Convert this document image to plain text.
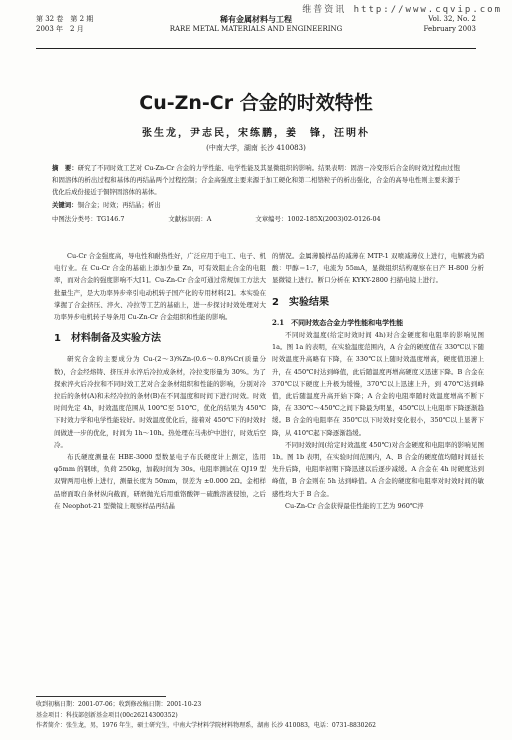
维普资讯 http://www.cqvip.com
第 32 卷　 第 2 期
2003 年　 2 月
稀有金属材料与工程
RARE METAL MATERIALS AND ENGINEERING
Vol. 32, No. 2
February 2003
Cu-Zn-Cr 合金的时效特性
张生龙，尹志民，宋练鹏，姜　锋，汪明朴
(中南大学，湖南 长沙 410083)
摘　要：研究了不同时效工艺对 Cu-Zn-Cr 合金的力学性能、电学性能及其显微组织的影响。结果表明：固溶－冷变形后合金的时效过程由过饱和固溶体的析出过程和基体的再结晶两个过程控制；合金高强度主要来源于加工硬化和第二相铬粒子的析出强化，合金的高导电性则主要来源于优化后成份接近于铜锌固溶体的基体。
关键词：铜合金；时效；再结晶；析出
中图法分类号：TG146.7	文献标识码：A	文章编号：1002-185X(2003)02-0126-04

Cu-Cr 合金强度高，导电性和耐热性好，广泛应用于电工、电子、机电行业。在 Cu-Cr 合金的基础上添加少量 Zn，可有效阻止合金的电阻率，而对合金的强度影响不大[1]。Cu-Zn-Cr 合金可通过常规加工方法大批量生产，是大功率异步牵引电动机转子国产化的专用材料[2]。本实验在掌握了合金挤压、淬火、冷拉等工艺的基础上，进一步探讨时效处理对大功率异步电机转子导条用 Cu-Zn-Cr 合金组织和性能的影响。

1　材料制备及实验方法

研究合金的主要成分为 Cu-(2～3)%Zn-(0.6～0.8)%Cr(质量分数)，合金经熔铸、挤压并水淬后冷拉成条材，冷拉变形量为 30%。为了探索淬火后冷拉和不同时效工艺对合金条材组织和性能的影响，分别对冷拉后的条材(A)和未经冷拉的条材(B)在不同温度和时间下进行时效。时效时间先定 4h，时效温度范围从 100℃至 510℃，优化的结果为 450℃下时效力学和电学性能较好。时效温度优化后，接着对 450℃下的时效时间做进一步的优化，时间为 1h～10h。热处理在马弗炉中进行，时效后空冷。

布氏硬度测量在 HBE-3000 型数显电子布氏硬度计上测定，选用 φ5mm 的钢球，负荷 250kg，加载时间为 30s。电阻率测试在 QJ19 型双臂两用电桥上进行，测量长度为 50mm，误差为 ±0.000 2Ω。金相样品磨面取自条材纵向截面，研磨抛光后用重铬酸钾－硫酸溶液侵蚀，之后在 Neophot-21 型微镜上观察样品再结晶

的情况。金属薄膜样品的减薄在 MTP-1 双喷减薄仪上进行，电解液为硝酸：甲醇＝1:7，电流为 55mA，显微组织结构观察在日产 H-800 分析显微镜上进行。断口分析在 KYKY-2800 扫描电镜上进行。

2　实验结果
2.1　不同时效态合金力学性能和电学性能

不同时效温度(给定时效时间 4h)对合金硬度和电阻率的影响见图 1a。图 1a 的表明，在实验温度范围内，A 合金的硬度值在 330℃以下随时效温度升高略有下降，在 330℃以上随时效温度增高，硬度值迅速上升，在 450℃时达到峰值，此后随温度再增高硬度又迅速下降。B 合金在 370℃以下硬度上升极为缓慢，370℃以上迅速上升，到 470℃达到峰值，此后随温度升高开始下降；A 合金的电阻率随时效温度增高不断下降，在 330℃～450℃之间下降最为明显，450℃以上电阻率下降逐渐趋缓。B 合金的电阻率在 350℃以下时效时变化很小，350℃以上显著下降，从 410℃起下降逐渐趋缓。

不同时效时间(给定时效温度 450℃)对合金硬度和电阻率的影响见图 1b。图 1b 表明，在实验时间范围内，A、B 合金的硬度值均随时间延长先升后降，电阻率初期下降迅速以后逐步减缓。A 合金在 4h 时硬度达到峰值，B 合金则在 5h 达到峰值。A 合金的硬度和电阻率对时效时间的敏感性均大于 B 合金。

Cu-Zn-Cr 合金获得最佳性能的工艺为 960℃淬

收到初稿日期：2001-07-06；收到修改稿日期：2001-10-23
基金项目：科技部创新基金项目(00c26214300352)
作者简介：张生龙，男，1976 年生，硕士研究生，中南大学材料学院材料物理系，湖南 长沙 410083，电话：0731-8830262
